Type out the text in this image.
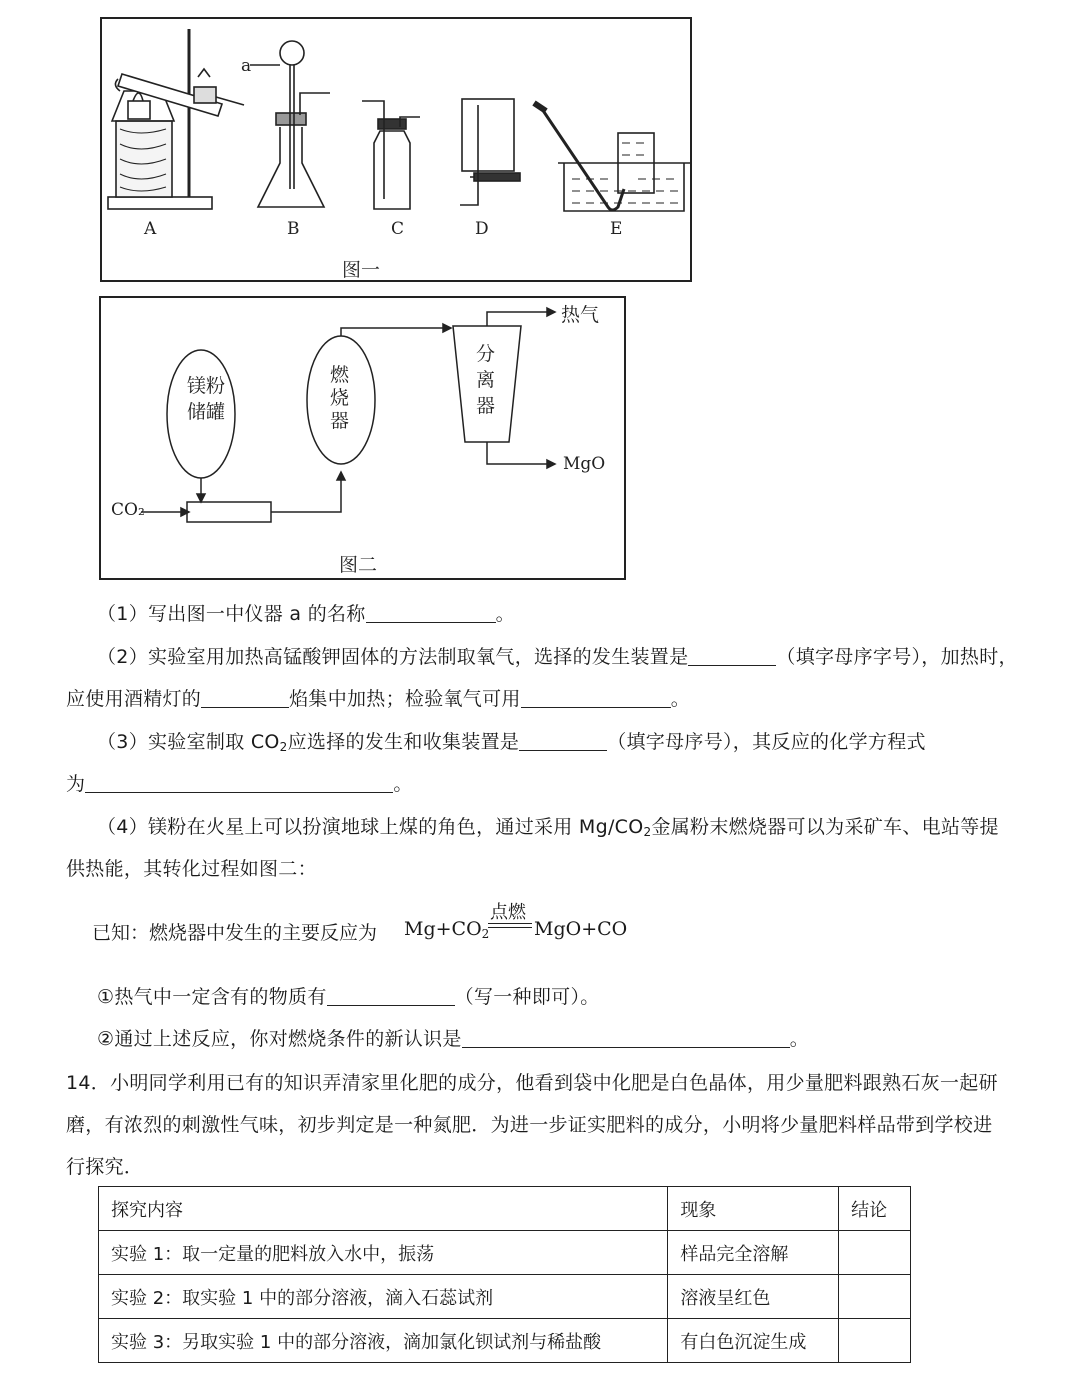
A
a
B	C	D	E
图一
镁粉
储罐
燃
烧
器
分
离
器
热气
MgO
CO₂
图二
（1）写出图一中仪器 a 的名称	。
（2）实验室用加热高锰酸钾固体的方法制取氧气，选择的发生装置是	（填字母序字号），加热时，
应使用酒精灯的	焰集中加热；检验氧气可用	。
（3）实验室制取 $CO_2$应选择的发生和收集装置是	（填字母序号），其反应的化学方程式
为	。
（4）镁粉在火星上可以扮演地球上煤的角色，通过采用 $Mg/CO_2$金属粉末燃烧器可以为采矿车、电站等提
供热能，其转化过程如图二：
已知：燃烧器中发生的主要反应为 $Mg+CO_2$
点燃
MgO+CO
①热气中一定含有的物质有	（写一种即可）。
②通过上述反应，你对燃烧条件的新认识是	。
14．小明同学利用已有的知识弄清家里化肥的成分，他看到袋中化肥是白色晶体，用少量肥料跟熟石灰一起研
磨，有浓烈的刺激性气味，初步判定是一种氮肥．为进一步证实肥料的成分，小明将少量肥料样品带到学校进
行探究．
探究内容	现象	结论
实验 1：取一定量的肥料放入水中，振荡	样品完全溶解	
实验 2：取实验 1 中的部分溶液，滴入石蕊试剂	溶液呈红色	
实验 3：另取实验 1 中的部分溶液，滴加氯化钡试剂与稀盐酸	有白色沉淀生成	
